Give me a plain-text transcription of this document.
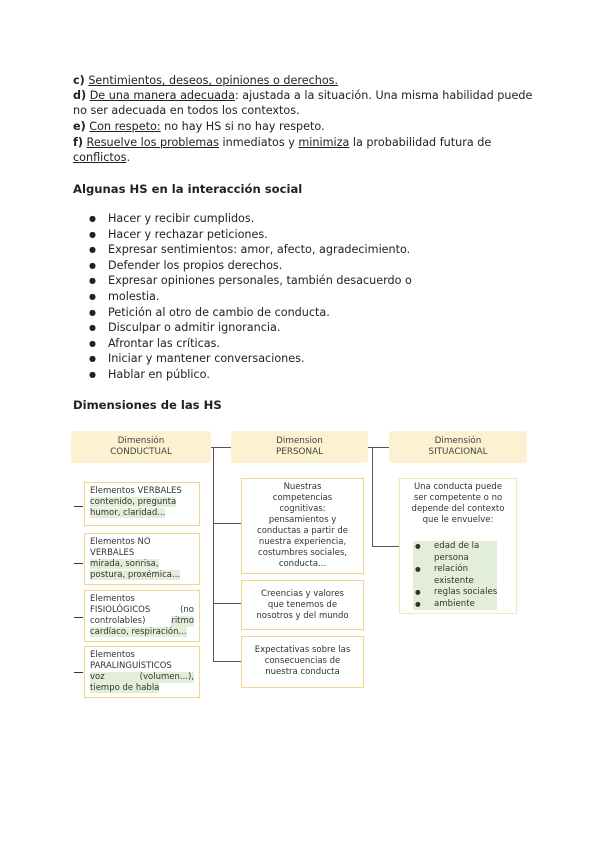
c) Sentimientos, deseos, opiniones o derechos.
d) De una manera adecuada: ajustada a la situación. Una misma habilidad puede
no ser adecuada en todos los contextos.
e) Con respeto: no hay HS si no hay respeto.
f) Resuelve los problemas inmediatos y minimiza la probabilidad futura de
conflictos.
Algunas HS en la interacción social
● Hacer y recibir cumplidos.
● Hacer y rechazar peticiones.
● Expresar sentimientos: amor, afecto, agradecimiento.
● Defender los propios derechos.
● Expresar opiniones personales, también desacuerdo o
● molestia.
● Petición al otro de cambio de conducta.
● Disculpar o admitir ignorancia.
● Afrontar las críticas.
● Iniciar y mantener conversaciones.
● Hablar en público.
Dimensiones de las HS
Dimensión
CONDUCTUAL
Dimension
PERSONAL
Dimensión
SITUACIONAL
Elementos VERBALES
contenido, pregunta
humor, claridad...
Elementos NO
VERBALES
mirada, sonrisa,
postura, proxémica...
Elementos
FISIOLÓGICOS	(no
controlables)	ritmo
cardíaco, respiración...
Elementos
PARALINGUÍSTICOS
voz	(volumen...),
tiempo de habla
Nuestras
competencias
cognitivas:
pensamientos y
conductas a partir de
nuestra experiencia,
costumbres sociales,
conducta...
Creencias y valores
que tenemos de
nosotros y del mundo
Expectativas sobre las
consecuencias de
nuestra conducta
Una conducta puede
ser competente o no
depende del contexto
que le envuelve:
● edad de la
persona
● relación
existente
● reglas sociales
● ambiente
